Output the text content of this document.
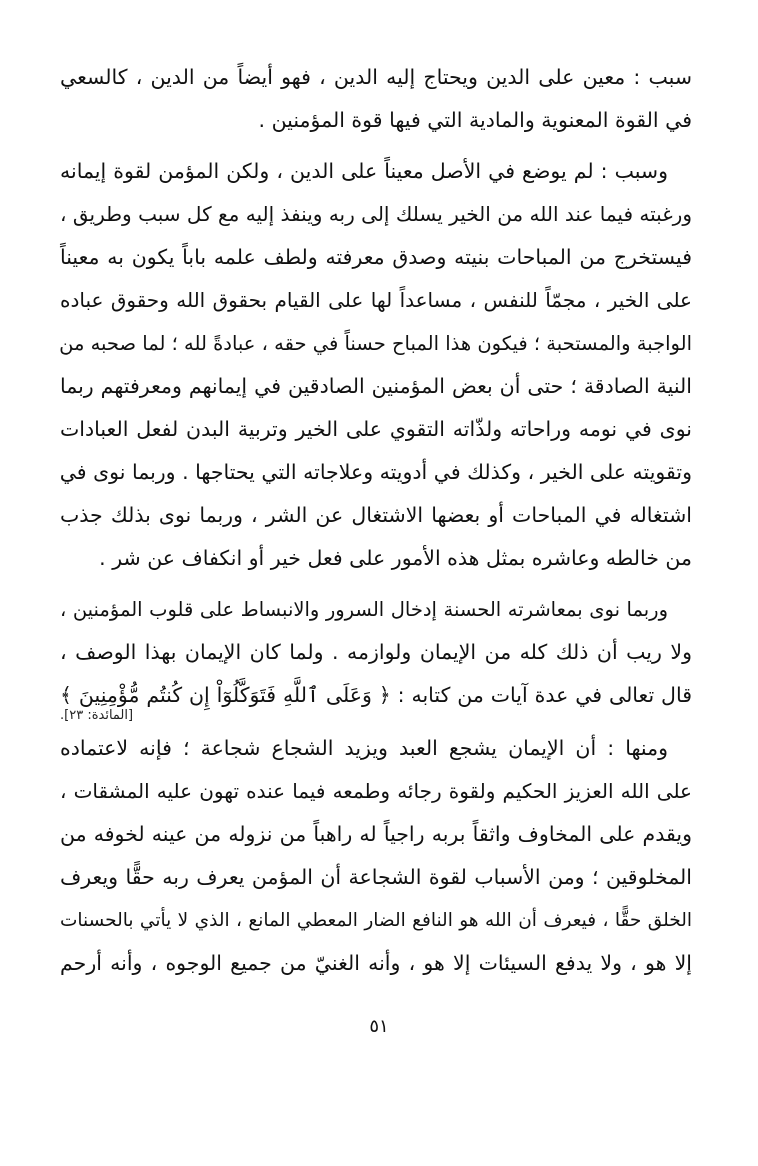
سبب : معين على الدين ويحتاج إليه الدين ، فهو أيضاً من الدين ، كالسعي
في القوة المعنوية والمادية التي فيها قوة المؤمنين .
وسبب : لم يوضع في الأصل معيناً على الدين ، ولكن المؤمن لقوة إيمانه
ورغبته فيما عند الله من الخير يسلك إلى ربه وينفذ إليه مع كل سبب وطريق ،
فيستخرج من المباحات بنيته وصدق معرفته ولطف علمه باباً يكون به معيناً
على الخير ، مجمّاً للنفس ، مساعداً لها على القيام بحقوق الله وحقوق عباده
الواجبة والمستحبة ؛ فيكون هذا المباح حسناً في حقه ، عبادةً لله ؛ لما صحبه من
النية الصادقة ؛ حتى أن بعض المؤمنين الصادقين في إيمانهم ومعرفتهم ربما
نوى في نومه وراحاته ولذّاته التقوي على الخير وتربية البدن لفعل العبادات
وتقويته على الخير ، وكذلك في أدويته وعلاجاته التي يحتاجها . وربما نوى في
اشتغاله في المباحات أو بعضها الاشتغال عن الشر ، وربما نوى بذلك جذب
من خالطه وعاشره بمثل هذه الأمور على فعل خير أو انكفاف عن شر .
وربما نوى بمعاشرته الحسنة إدخال السرور والانبساط على قلوب المؤمنين ،
ولا ريب أن ذلك كله من الإيمان ولوازمه . ولما كان الإيمان بهذا الوصف ،
قال تعالى في عدة آيات من كتابه : ﴿ وَعَلَى ٱللَّهِ فَتَوَكَّلُوٓاْ إِن كُنتُم مُّؤْمِنِينَ ﴾
[المائدة: ٢٣].
ومنها : أن الإيمان يشجع العبد ويزيد الشجاع شجاعة ؛ فإنه لاعتماده
على الله العزيز الحكيم ولقوة رجائه وطمعه فيما عنده تهون عليه المشقات ،
ويقدم على المخاوف واثقاً بربه راجياً له راهباً من نزوله من عينه لخوفه من
المخلوقين ؛ ومن الأسباب لقوة الشجاعة أن المؤمن يعرف ربه حقًّا ويعرف
الخلق حقًّا ، فيعرف أن الله هو النافع الضار المعطي المانع ، الذي لا يأتي بالحسنات
إلا هو ، ولا يدفع السيئات إلا هو ، وأنه الغنيّ من جميع الوجوه ، وأنه أرحم
٥١
